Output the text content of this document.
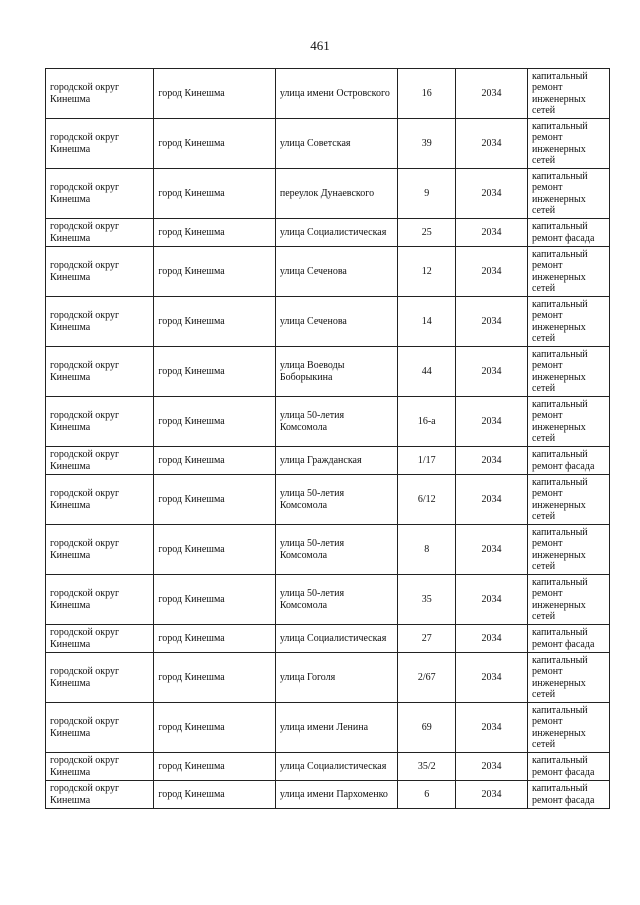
461
городской округ Кинешма	город Кинешма	улица имени Островского	16	2034	капитальный ремонт инженерных сетей
городской округ Кинешма	город Кинешма	улица Советская	39	2034	капитальный ремонт инженерных сетей
городской округ Кинешма	город Кинешма	переулок Дунаевского	9	2034	капитальный ремонт инженерных сетей
городской округ Кинешма	город Кинешма	улица Социалистическая	25	2034	капитальный ремонт фасада
городской округ Кинешма	город Кинешма	улица Сеченова	12	2034	капитальный ремонт инженерных сетей
городской округ Кинешма	город Кинешма	улица Сеченова	14	2034	капитальный ремонт инженерных сетей
городской округ Кинешма	город Кинешма	улица Воеводы Боборыкина	44	2034	капитальный ремонт инженерных сетей
городской округ Кинешма	город Кинешма	улица 50-летия Комсомола	16-а	2034	капитальный ремонт инженерных сетей
городской округ Кинешма	город Кинешма	улица Гражданская	1/17	2034	капитальный ремонт фасада
городской округ Кинешма	город Кинешма	улица 50-летия Комсомола	6/12	2034	капитальный ремонт инженерных сетей
городской округ Кинешма	город Кинешма	улица 50-летия Комсомола	8	2034	капитальный ремонт инженерных сетей
городской округ Кинешма	город Кинешма	улица 50-летия Комсомола	35	2034	капитальный ремонт инженерных сетей
городской округ Кинешма	город Кинешма	улица Социалистическая	27	2034	капитальный ремонт фасада
городской округ Кинешма	город Кинешма	улица Гоголя	2/67	2034	капитальный ремонт инженерных сетей
городской округ Кинешма	город Кинешма	улица имени Ленина	69	2034	капитальный ремонт инженерных сетей
городской округ Кинешма	город Кинешма	улица Социалистическая	35/2	2034	капитальный ремонт фасада
городской округ Кинешма	город Кинешма	улица имени Пархоменко	6	2034	капитальный ремонт фасада
